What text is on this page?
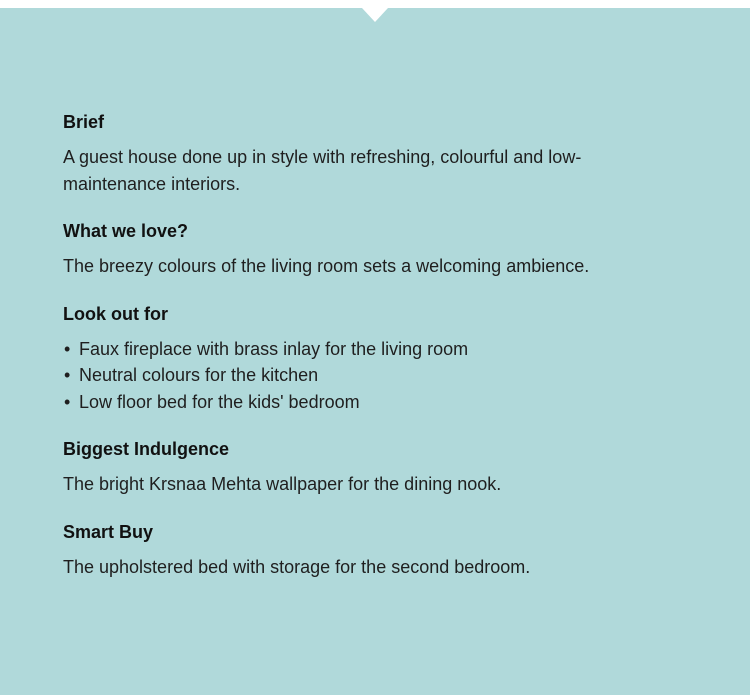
Brief

A guest house done up in style with refreshing, colourful and low-maintenance interiors.

What we love?

The breezy colours of the living room sets a welcoming ambience.

Look out for
• Faux fireplace with brass inlay for the living room
• Neutral colours for the kitchen
• Low floor bed for the kids' bedroom
Biggest Indulgence

The bright Krsnaa Mehta wallpaper for the dining nook.

Smart Buy

The upholstered bed with storage for the second bedroom.
